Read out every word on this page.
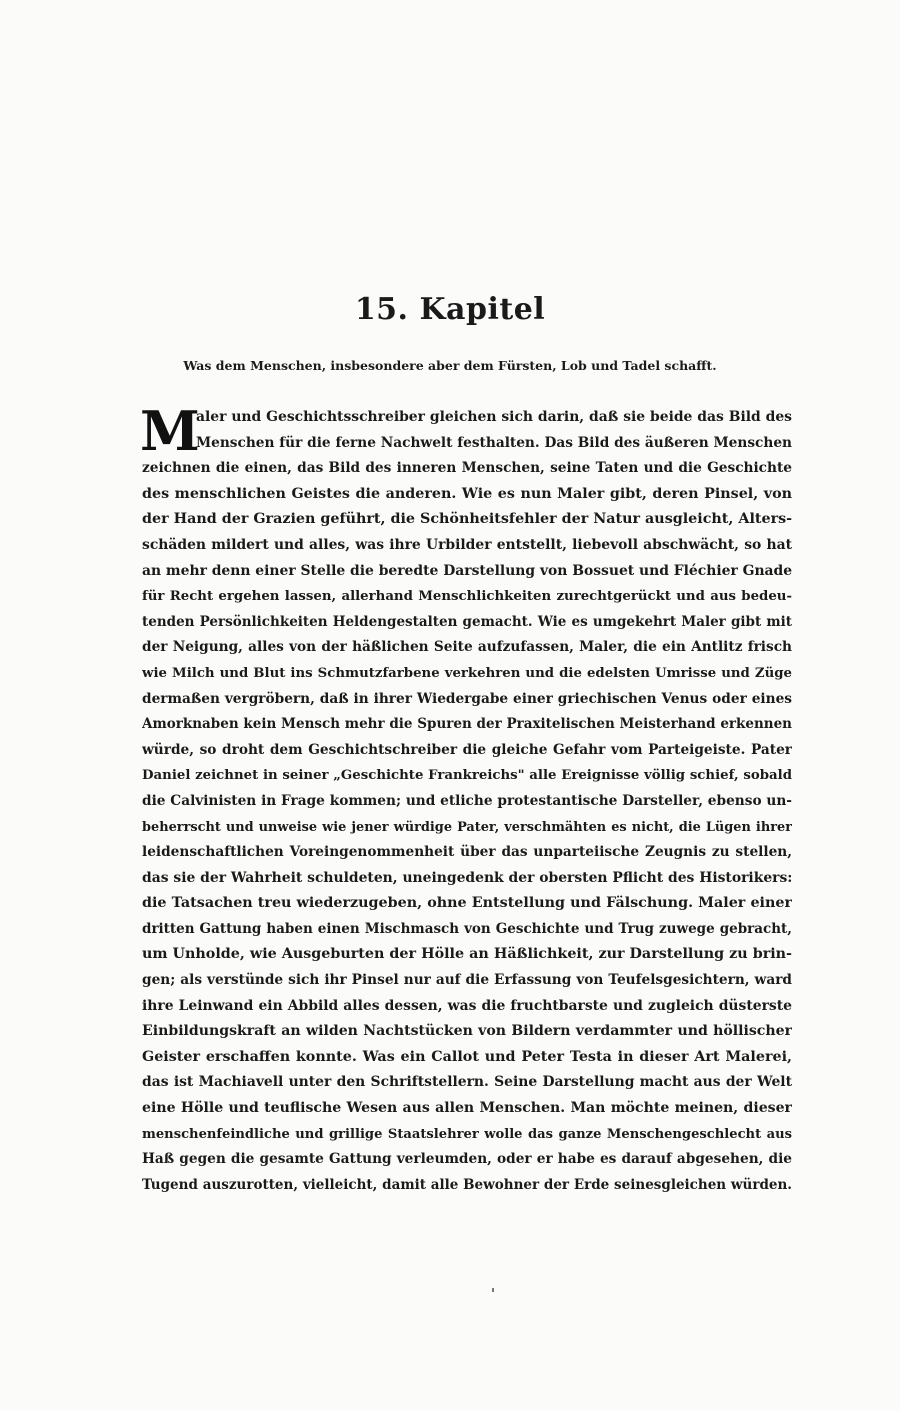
15. Kapitel

Was dem Menschen, insbesondere aber dem Fürsten, Lob und Tadel schafft.

M
aler und Geschichtsschreiber gleichen sich darin, daß sie beide das Bild des
Menschen für die ferne Nachwelt festhalten. Das Bild des äußeren Menschen
zeichnen die einen, das Bild des inneren Menschen, seine Taten und die Geschichte
des menschlichen Geistes die anderen. Wie es nun Maler gibt, deren Pinsel, von
der Hand der Grazien geführt, die Schönheitsfehler der Natur ausgleicht, Alters-
schäden mildert und alles, was ihre Urbilder entstellt, liebevoll abschwächt, so hat
an mehr denn einer Stelle die beredte Darstellung von Bossuet und Fléchier Gnade
für Recht ergehen lassen, allerhand Menschlichkeiten zurechtgerückt und aus bedeu-
tenden Persönlichkeiten Heldengestalten gemacht. Wie es umgekehrt Maler gibt mit
der Neigung, alles von der häßlichen Seite aufzufassen, Maler, die ein Antlitz frisch
wie Milch und Blut ins Schmutzfarbene verkehren und die edelsten Umrisse und Züge
dermaßen vergröbern, daß in ihrer Wiedergabe einer griechischen Venus oder eines
Amorknaben kein Mensch mehr die Spuren der Praxitelischen Meisterhand erkennen
würde, so droht dem Geschichtschreiber die gleiche Gefahr vom Parteigeiste. Pater
Daniel zeichnet in seiner „Geschichte Frankreichs" alle Ereignisse völlig schief, sobald
die Calvinisten in Frage kommen; und etliche protestantische Darsteller, ebenso un-
beherrscht und unweise wie jener würdige Pater, verschmähten es nicht, die Lügen ihrer
leidenschaftlichen Voreingenommenheit über das unparteiische Zeugnis zu stellen,
das sie der Wahrheit schuldeten, uneingedenk der obersten Pflicht des Historikers:
die Tatsachen treu wiederzugeben, ohne Entstellung und Fälschung. Maler einer
dritten Gattung haben einen Mischmasch von Geschichte und Trug zuwege gebracht,
um Unholde, wie Ausgeburten der Hölle an Häßlichkeit, zur Darstellung zu brin-
gen; als verstünde sich ihr Pinsel nur auf die Erfassung von Teufelsgesichtern, ward
ihre Leinwand ein Abbild alles dessen, was die fruchtbarste und zugleich düsterste
Einbildungskraft an wilden Nachtstücken von Bildern verdammter und höllischer
Geister erschaffen konnte. Was ein Callot und Peter Testa in dieser Art Malerei,
das ist Machiavell unter den Schriftstellern. Seine Darstellung macht aus der Welt
eine Hölle und teuflische Wesen aus allen Menschen. Man möchte meinen, dieser
menschenfeindliche und grillige Staatslehrer wolle das ganze Menschengeschlecht aus
Haß gegen die gesamte Gattung verleumden, oder er habe es darauf abgesehen, die
Tugend auszurotten, vielleicht, damit alle Bewohner der Erde seinesgleichen würden.
